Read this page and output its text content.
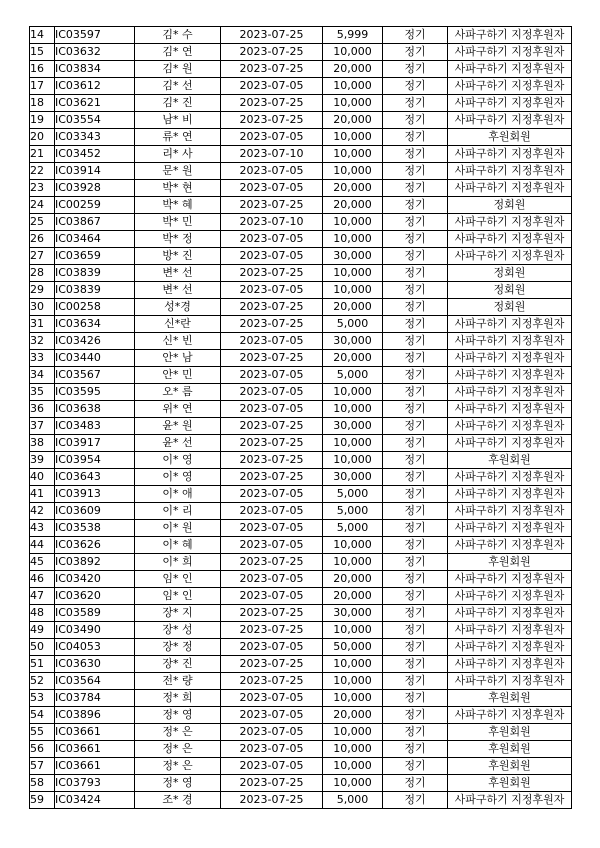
14	IC03597	김* 수	2023-07-25	5,999	정기	사파구하기 지정후원자
15	IC03632	김* 연	2023-07-25	10,000	정기	사파구하기 지정후원자
16	IC03834	김* 원	2023-07-25	20,000	정기	사파구하기 지정후원자
17	IC03612	김* 선	2023-07-05	10,000	정기	사파구하기 지정후원자
18	IC03621	김* 진	2023-07-25	10,000	정기	사파구하기 지정후원자
19	IC03554	남* 비	2023-07-25	20,000	정기	사파구하기 지정후원자
20	IC03343	류* 연	2023-07-05	10,000	정기	후원회원
21	IC03452	리* 사	2023-07-10	10,000	정기	사파구하기 지정후원자
22	IC03914	문* 원	2023-07-05	10,000	정기	사파구하기 지정후원자
23	IC03928	박* 현	2023-07-05	20,000	정기	사파구하기 지정후원자
24	IC00259	박* 혜	2023-07-25	20,000	정기	정회원
25	IC03867	박* 민	2023-07-10	10,000	정기	사파구하기 지정후원자
26	IC03464	박* 정	2023-07-05	10,000	정기	사파구하기 지정후원자
27	IC03659	방* 진	2023-07-05	30,000	정기	사파구하기 지정후원자
28	IC03839	변* 선	2023-07-25	10,000	정기	정회원
29	IC03839	변* 선	2023-07-05	10,000	정기	정회원
30	IC00258	성*경	2023-07-25	20,000	정기	정회원
31	IC03634	신*란	2023-07-25	5,000	정기	사파구하기 지정후원자
32	IC03426	신* 빈	2023-07-05	30,000	정기	사파구하기 지정후원자
33	IC03440	안* 남	2023-07-25	20,000	정기	사파구하기 지정후원자
34	IC03567	안* 민	2023-07-05	5,000	정기	사파구하기 지정후원자
35	IC03595	오* 름	2023-07-05	10,000	정기	사파구하기 지정후원자
36	IC03638	위* 연	2023-07-05	10,000	정기	사파구하기 지정후원자
37	IC03483	윤* 원	2023-07-25	30,000	정기	사파구하기 지정후원자
38	IC03917	윤* 선	2023-07-25	10,000	정기	사파구하기 지정후원자
39	IC03954	이* 영	2023-07-25	10,000	정기	후원회원
40	IC03643	이* 영	2023-07-25	30,000	정기	사파구하기 지정후원자
41	IC03913	이* 애	2023-07-05	5,000	정기	사파구하기 지정후원자
42	IC03609	이* 리	2023-07-05	5,000	정기	사파구하기 지정후원자
43	IC03538	이* 원	2023-07-05	5,000	정기	사파구하기 지정후원자
44	IC03626	이* 혜	2023-07-05	10,000	정기	사파구하기 지정후원자
45	IC03892	이* 희	2023-07-25	10,000	정기	후원회원
46	IC03420	임* 인	2023-07-05	20,000	정기	사파구하기 지정후원자
47	IC03620	임* 인	2023-07-05	20,000	정기	사파구하기 지정후원자
48	IC03589	장* 지	2023-07-25	30,000	정기	사파구하기 지정후원자
49	IC03490	장* 성	2023-07-25	10,000	정기	사파구하기 지정후원자
50	IC04053	장* 정	2023-07-05	50,000	정기	사파구하기 지정후원자
51	IC03630	장* 진	2023-07-25	10,000	정기	사파구하기 지정후원자
52	IC03564	전* 량	2023-07-25	10,000	정기	사파구하기 지정후원자
53	IC03784	정* 희	2023-07-05	10,000	정기	후원회원
54	IC03896	정* 영	2023-07-05	20,000	정기	사파구하기 지정후원자
55	IC03661	정* 은	2023-07-05	10,000	정기	후원회원
56	IC03661	정* 은	2023-07-05	10,000	정기	후원회원
57	IC03661	정* 은	2023-07-05	10,000	정기	후원회원
58	IC03793	정* 영	2023-07-25	10,000	정기	후원회원
59	IC03424	조* 경	2023-07-25	5,000	정기	사파구하기 지정후원자
